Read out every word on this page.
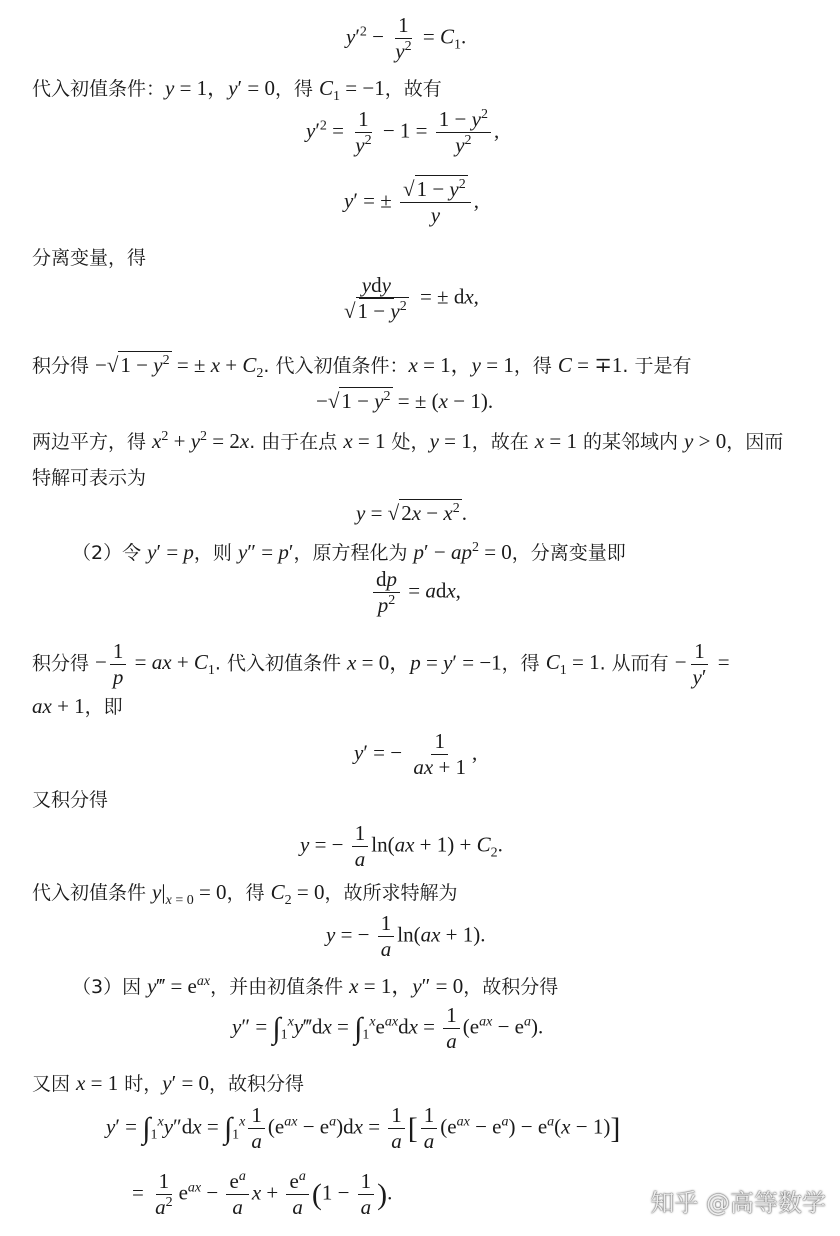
$y'^2 - \frac{1}{y^2} = C_1$.
代入初值条件：y = 1，y′ = 0，得 $C_1 = -1$，故有
$y'^2 = \frac{1}{y^2} - 1 = \frac{1 - y^2}{y^2}$ ,
y′ = ± $\frac{√1 - y^2}{y}$ ,
分离变量，得
$\frac{\text{ydy}}{√1 - y^2}$ = ± dx,
积分得 $-√1 - y^2$ = ± $x + C_2$. 代入初值条件：x = 1，y = 1，得 C = ∓1. 于是有
$-√1 - y^2$ = ± (x − 1).
两边平方，得 $x^2 + y^2 = 2x$. 由于在点 x = 1 处，y = 1，故在 x = 1 的某邻域内 y > 0，因而
特解可表示为
$y = √2x - x^2$.
（2）令 y′ = p，则 y″ = p′，原方程化为 $p' - ap^2 = 0$，分离变量即
$\frac{dp}{p^2}$ = adx,
积分得 − $\frac{1}{p}$ = ax + $C_1$. 代入初值条件 x = 0，p = y′ = −1，得 $C_1 = 1$. 从而有 − $\frac{1}{y'}$ =
ax + 1，即
y′ = − $\frac{1}{ax + 1}$ ,
又积分得
y = − $\frac{1}{a} \ln(ax + 1) + C_2$.
代入初值条件 $y|_{x = 0} = 0$，得 $C_2 = 0$，故所求特解为
y = − $\frac{1}{a} \ln(ax + 1)$.
（3）因 y‴ = $e^{ax}$，并由初值条件 x = 1，y″ = 0，故积分得
$y'' = \int_1^xy‴dx = \int_1^xe^{ax}dx = \frac{1}{a} (e^{ax} - e^a)$.
又因 x = 1 时，y′ = 0，故积分得
$y' = \int_1^xy''dx = \int_1^x \frac{1}{a} (e^{ax} - e^a)dx = \frac{1}{a}$ [ $\frac{1}{a} (e^{ax} - e^a) - e^a(x - 1)$]
= $\frac{1}{a^2} e^{ax} - \frac{e^a}{a}$ $x + \frac{e^a}{a} (1 - \frac{1}{a}$ ).	知乎 @高等数学
